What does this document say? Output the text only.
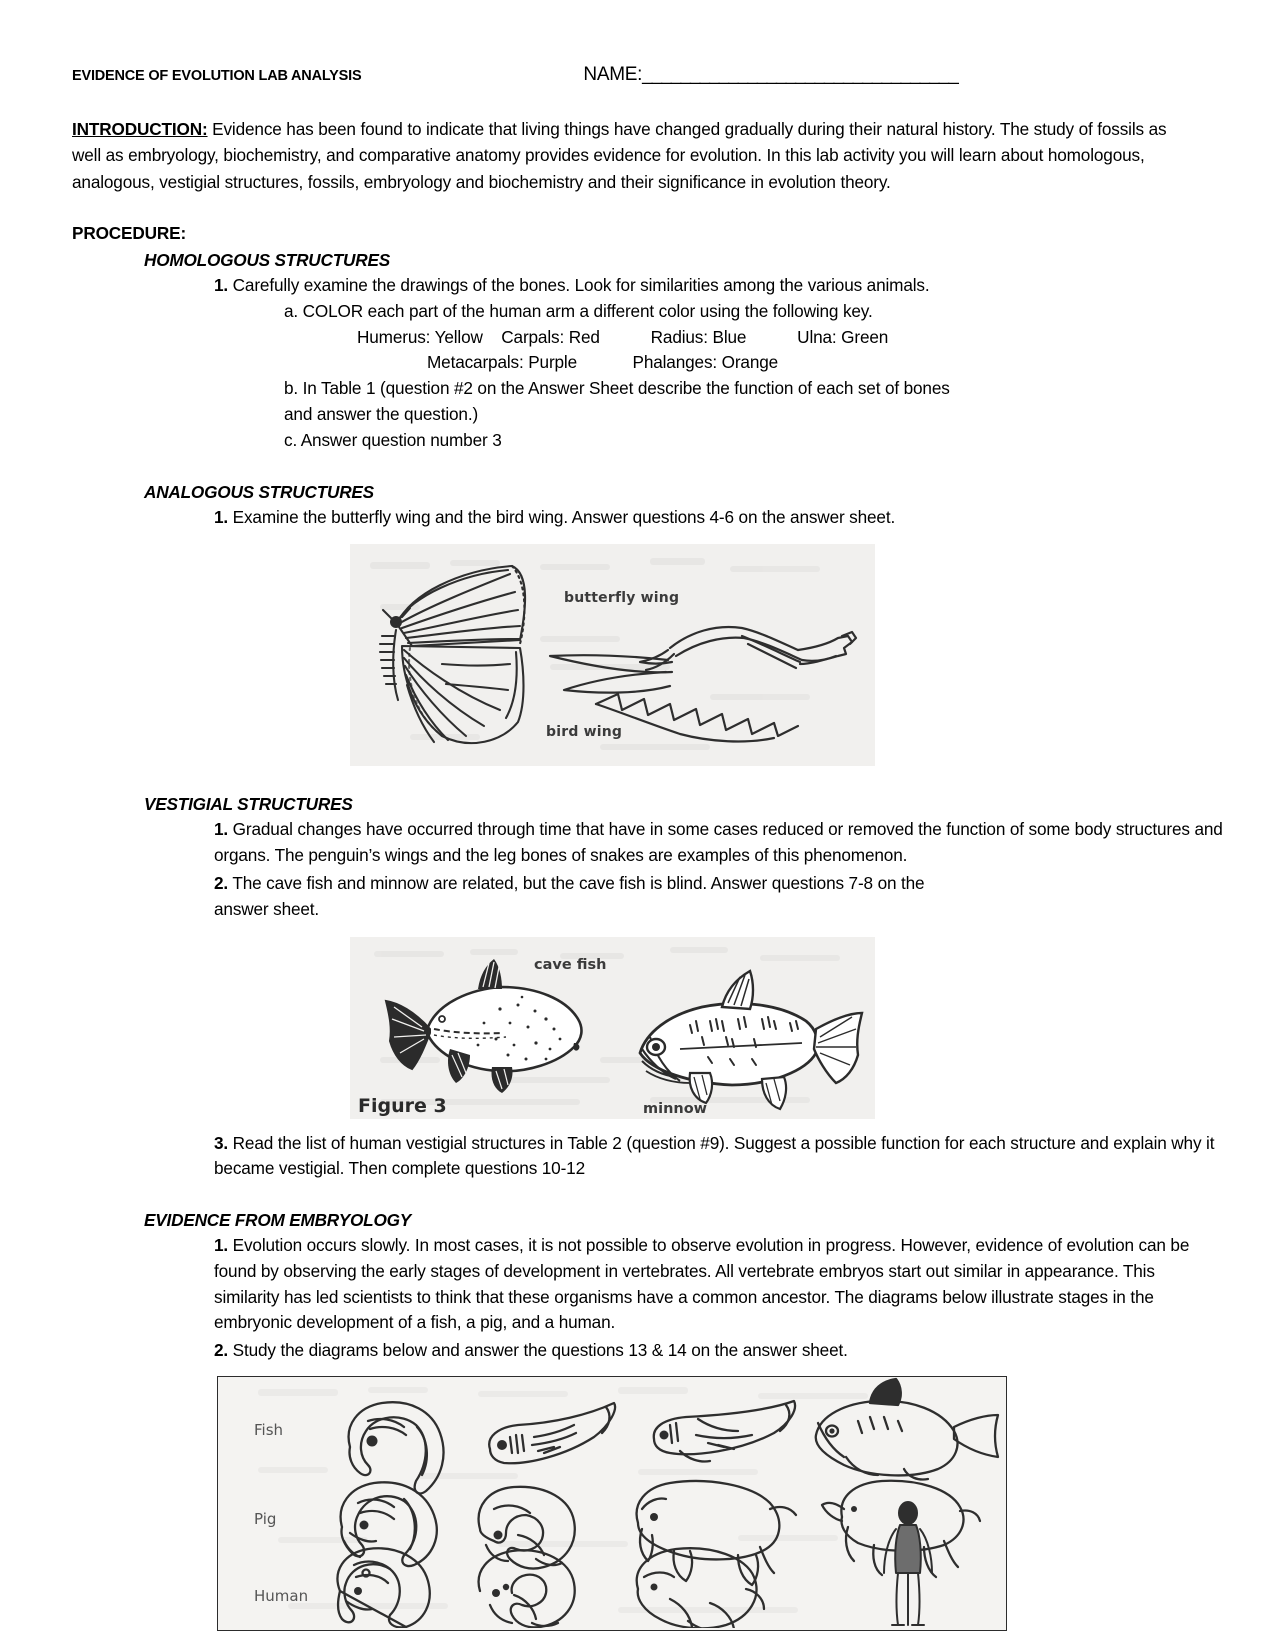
EVIDENCE OF EVOLUTION LAB ANALYSIS	NAME:_________________________________
INTRODUCTION: Evidence has been found to indicate that living things have changed gradually during their natural history. The study of fossils as well as embryology, biochemistry, and comparative anatomy provides evidence for evolution. In this lab activity you will learn about homologous, analogous, vestigial structures, fossils, embryology and biochemistry and their significance in evolution theory.
PROCEDURE:
HOMOLOGOUS STRUCTURES
1. Carefully examine the drawings of the bones. Look for similarities among the various animals.
a. COLOR each part of the human arm a different color using the following key.
Humerus: Yellow    Carpals: Red           Radius: Blue           Ulna: Green
Metacarpals: Purple            Phalanges: Orange
b. In Table 1 (question #2 on the Answer Sheet describe the function of each set of bones and answer the question.)
c. Answer question number 3
ANALOGOUS STRUCTURES
1. Examine the butterfly wing and the bird wing. Answer questions 4-6 on the answer sheet.
butterfly wing
bird wing
VESTIGIAL STRUCTURES
1. Gradual changes have occurred through time that have in some cases reduced or removed the function of some body structures and organs. The penguin’s wings and the leg bones of snakes are examples of this phenomenon.
2. The cave fish and minnow are related, but the cave fish is blind. Answer questions 7-8 on the answer sheet.
cave fish
minnow
Figure 3
3. Read the list of human vestigial structures in Table 2 (question #9). Suggest a possible function for each structure and explain why it became vestigial. Then complete questions 10-12
EVIDENCE FROM EMBRYOLOGY
1. Evolution occurs slowly. In most cases, it is not possible to observe evolution in progress. However, evidence of evolution can be found by observing the early stages of development in vertebrates. All vertebrate embryos start out similar in appearance. This similarity has led scientists to think that these organisms have a common ancestor. The diagrams below illustrate stages in the embryonic development of a fish, a pig, and a human.
2. Study the diagrams below and answer the questions 13 & 14 on the answer sheet.
Fish
Pig
Human
